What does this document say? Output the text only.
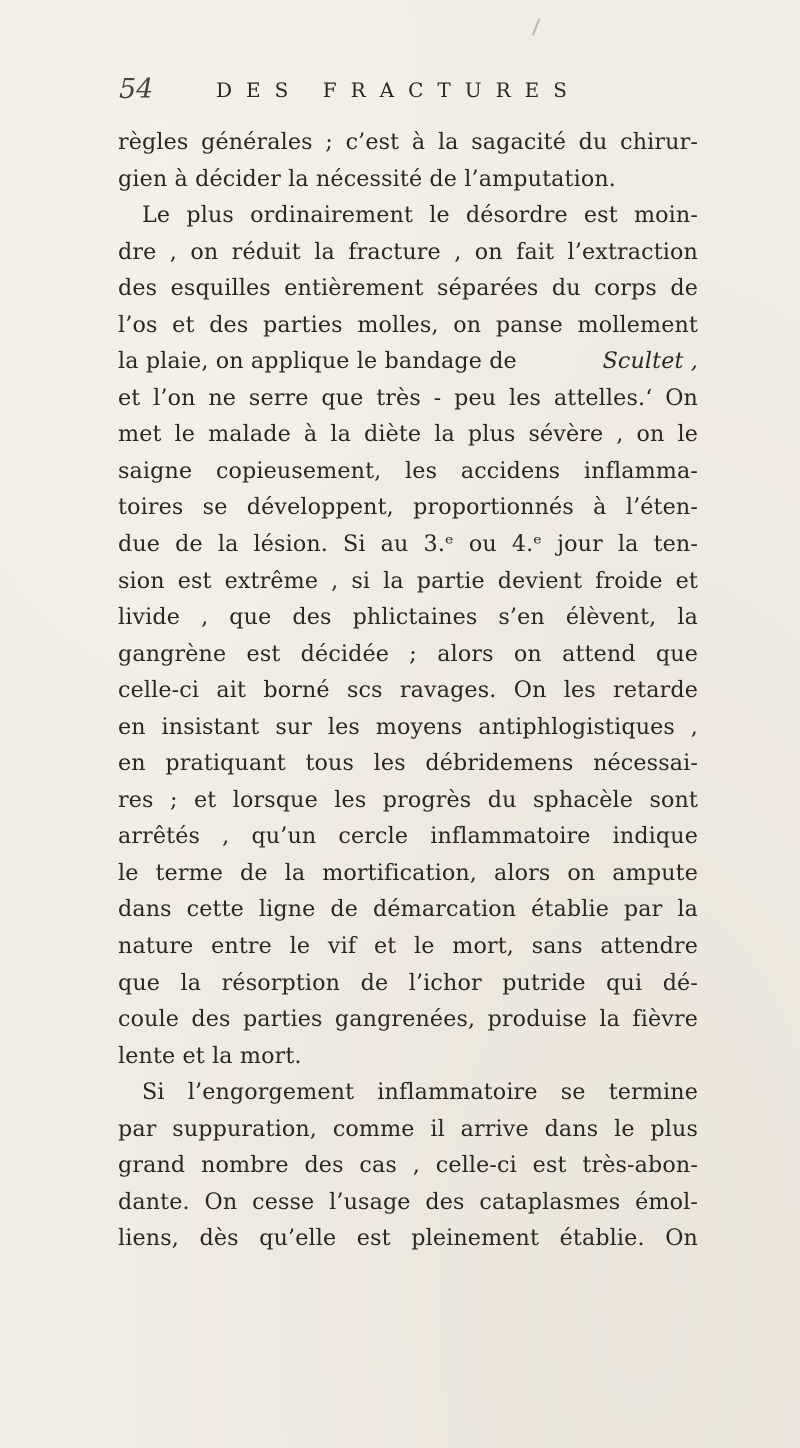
54	DES FRACTURES
règles générales ; c’est à la sagacité du chirur-
gien à décider la nécessité de l’amputation.
Le plus ordinairement le désordre est moin-
dre , on réduit la fracture , on fait l’extraction
des esquilles entièrement séparées du corps de
l’os et des parties molles, on panse mollement
la plaie, on applique le bandage de	Scultet ,
et l’on ne serre que très - peu les attelles.ʻ On
met le malade à la diète la plus sévère , on le
saigne copieusement, les accidens inflamma-
toires se développent, proportionnés à l’éten-
due de la lésion. Si au 3.ᵉ ou 4.ᵉ jour la ten-
sion est extrême , si la partie devient froide et
livide , que des phlictaines s’en élèvent, la
gangrène est décidée ; alors on attend que
celle-ci ait borné scs ravages. On les retarde
en insistant sur les moyens antiphlogistiques ,
en pratiquant tous les débridemens nécessai-
res ; et lorsque les progrès du sphacèle sont
arrêtés , qu’un cercle inflammatoire indique
le terme de la mortification, alors on ampute
dans cette ligne de démarcation établie par la
nature entre le vif et le mort, sans attendre
que la résorption de l’ichor putride qui dé-
coule des parties gangrenées, produise la fièvre
lente et la mort.
Si l’engorgement inflammatoire se termine
par suppuration, comme il arrive dans le plus
grand nombre des cas , celle-ci est très-abon-
dante. On cesse l’usage des cataplasmes émol-
liens, dès qu’elle est pleinement établie. On
